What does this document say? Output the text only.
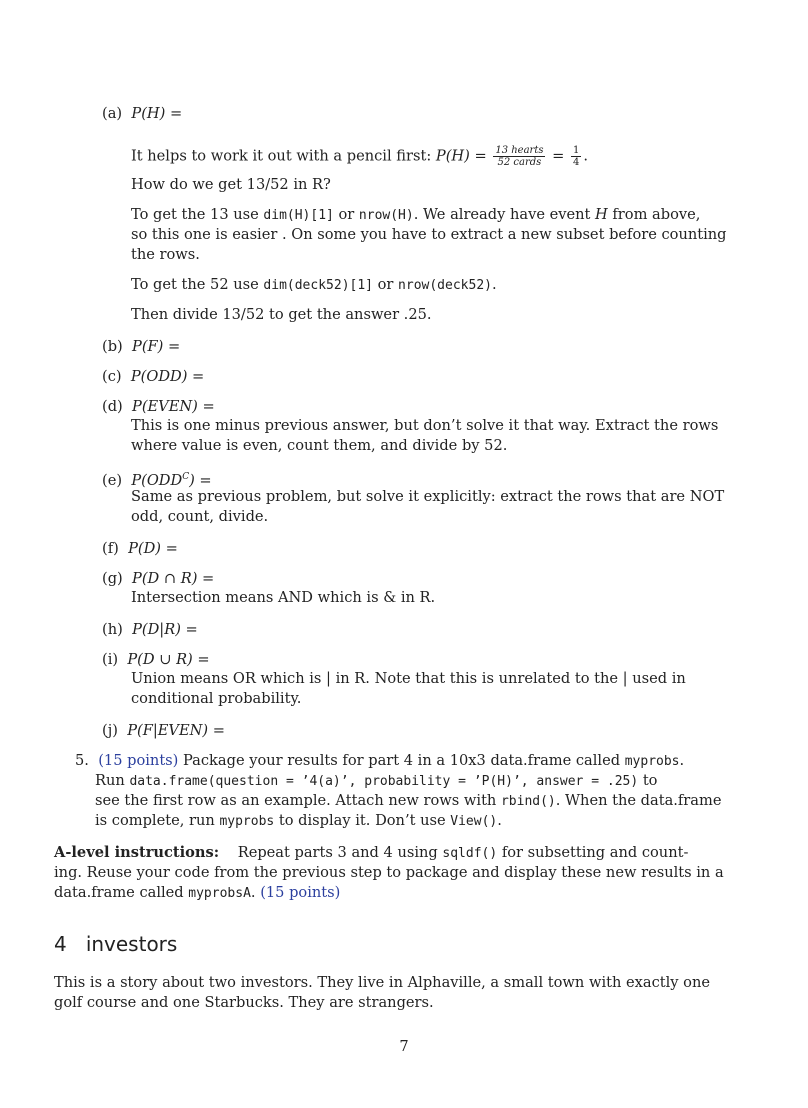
(a) P(H) =
It helps to work it out with a pencil first: $P(H) = \frac{\text{13 hearts}}{\text{52 cards}} = \frac{1}{4}$ .
How do we get 13/52 in R?
To get the 13 use dim(H)[1] or nrow(H). We already have event H from above,
so this one is easier . On some you have to extract a new subset before counting
the rows.
To get the 52 use dim(deck52)[1] or nrow(deck52).
Then divide 13/52 to get the answer .25.
(b) P(F) =
(c) P(ODD) =
(d) P(EVEN) =
This is one minus previous answer, but don’t solve it that way. Extract the rows
where value is even, count them, and divide by 52.
(e) $P(ODD^C)$ =
Same as previous problem, but solve it explicitly: extract the rows that are NOT
odd, count, divide.
(f) P(D) =
(g) P(D ∩ R) =
Intersection means AND which is & in R.
(h) P(D|R) =
(i) P(D ∪ R) =
Union means OR which is | in R. Note that this is unrelated to the | used in
conditional probability.
(j) P(F|EVEN) =
5. (15 points) Package your results for part 4 in a 10x3 data.frame called myprobs.
Run data.frame(question = ’4(a)’, probability = ’P(H)’, answer = .25) to
see the first row as an example. Attach new rows with rbind(). When the data.frame
is complete, run myprobs to display it. Don’t use View().
A-level instructions: Repeat parts 3 and 4 using sqldf() for subsetting and count-
ing. Reuse your code from the previous step to package and display these new results in a
data.frame called myprobsA. (15 points)
4 investors
This is a story about two investors. They live in Alphaville, a small town with exactly one
golf course and one Starbucks. They are strangers.
7
